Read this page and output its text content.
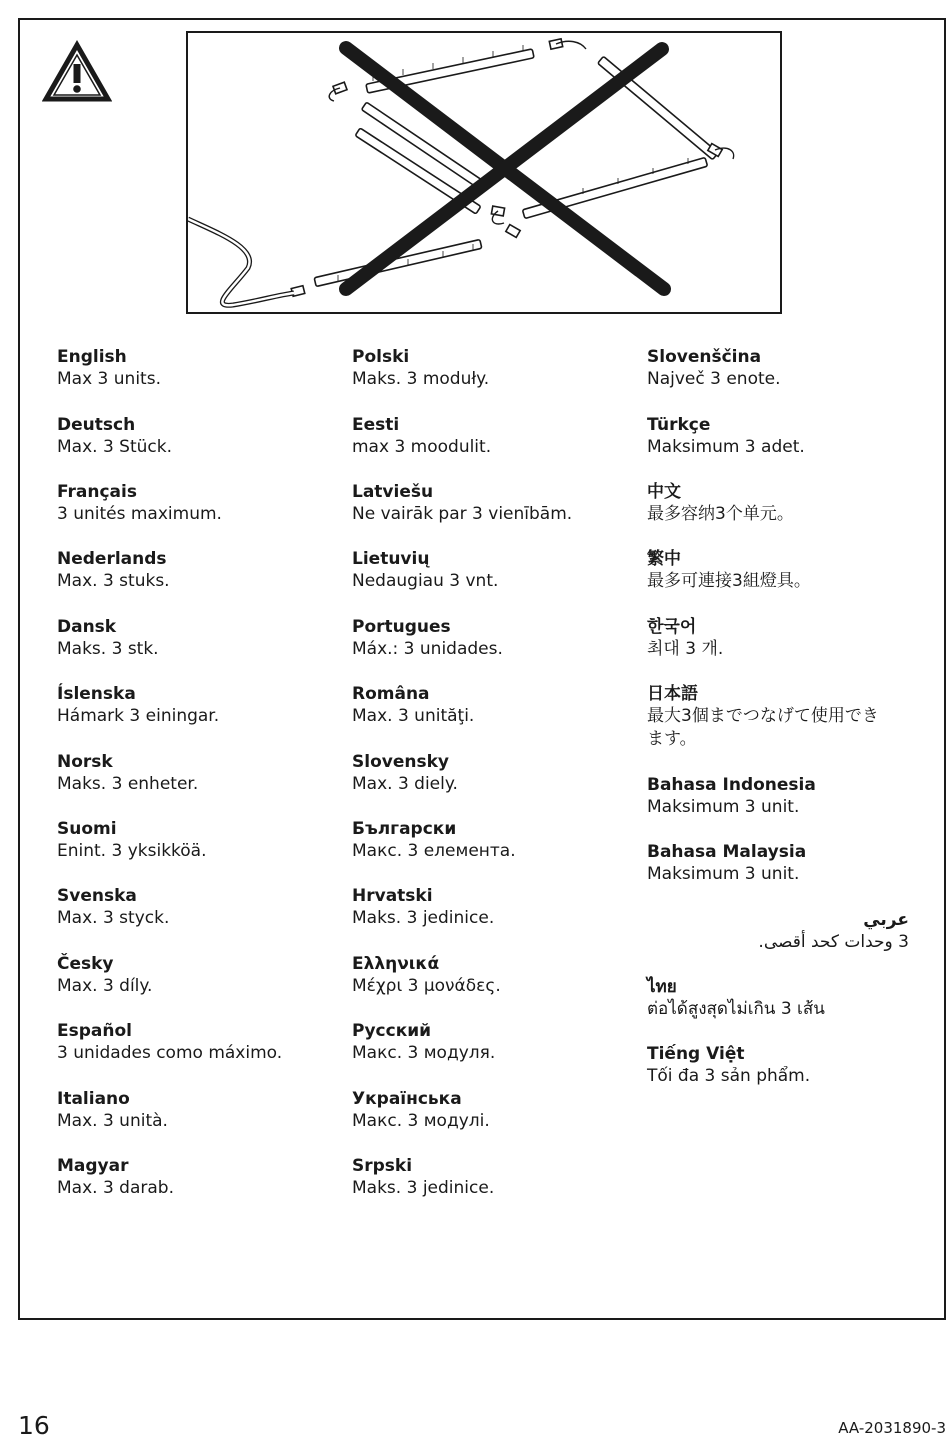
English
Max 3 units.
Deutsch
Max. 3 Stück.
Français
3 unités maximum.
Nederlands
Max. 3 stuks.
Dansk
Maks. 3 stk.
Íslenska
Hámark 3 einingar.
Norsk
Maks. 3 enheter.
Suomi
Enint. 3 yksikköä.
Svenska
Max. 3 styck.
Česky
Max. 3 díly.
Español
3 unidades como máximo.
Italiano
Max. 3 unità.
Magyar
Max. 3 darab.
Polski
Maks. 3 moduły.
Eesti
max 3 moodulit.
Latviešu
Ne vairāk par 3 vienībām.
Lietuvių
Nedaugiau 3 vnt.
Portugues
Máx.: 3 unidades.
Româna
Max. 3 unităţi.
Slovensky
Max. 3 diely.
Български
Макс. 3 елемента.
Hrvatski
Maks. 3 jedinice.
Ελληνικά
Μέχρι 3 μονάδες.
Русский
Макс. 3 модуля.
Українська
Макс. 3 модулі.
Srpski
Maks. 3 jedinice.
Slovenščina
Največ 3 enote.
Türkçe
Maksimum 3 adet.
中文
最多容纳3个单元。
繁中
最多可連接3組燈具。
한국어
최대 3 개.
日本語
最大3個までつなげて使用できます。
Bahasa Indonesia
Maksimum 3 unit.
Bahasa Malaysia
Maksimum 3 unit.
عربي
3 وحدات كحد أقصى.
ไทย
ต่อได้สูงสุดไม่เกิน 3 เส้น
Tiếng Việt
Tối đa 3 sản phẩm.
16	AA-2031890-3
